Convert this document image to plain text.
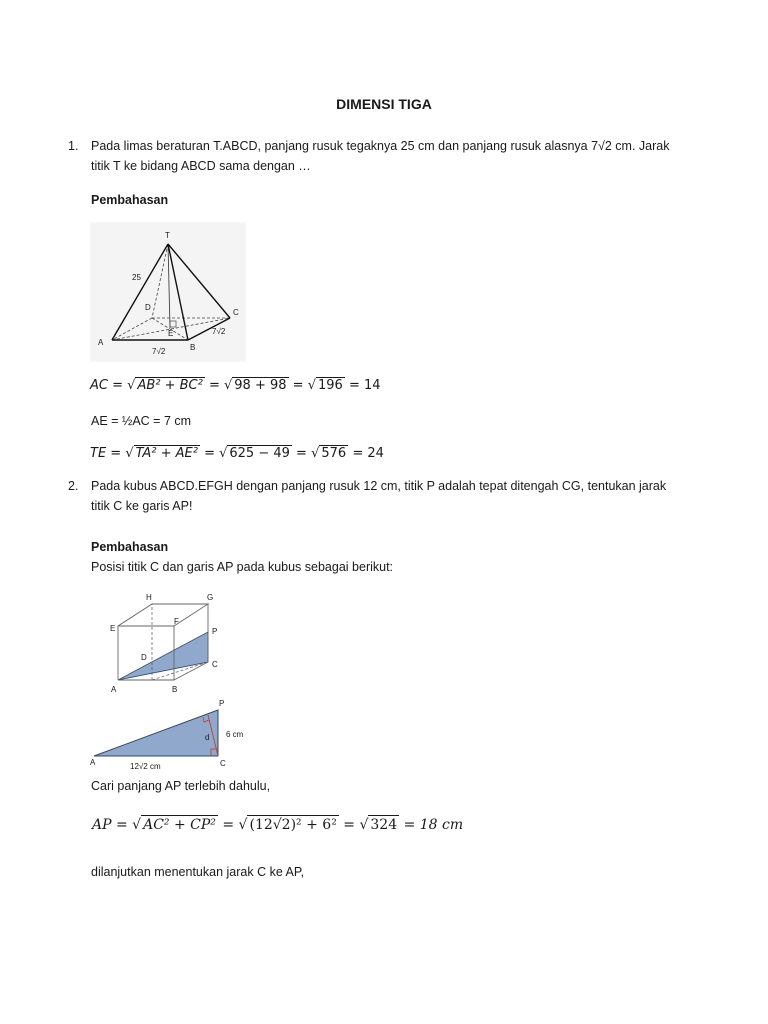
DIMENSI TIGA
1.	Pada limas beraturan T.ABCD, panjang rusuk tegaknya 25 cm dan panjang rusuk alasnya 7√2 cm. Jarak
titik T ke bidang ABCD sama dengan …
Pembahasan
T
25
D
C
7√2
E
A
B
7√2
AC = √ AB² + BC² = √ 98 + 98 = √ 196 = 14
AE = ½AC = 7 cm
TE = √ TA² + AE² = √ 625 − 49 = √ 576 = 24
2.	Pada kubus ABCD.EFGH dengan panjang rusuk 12 cm, titik P adalah tepat ditengah CG, tentukan jarak
titik C ke garis AP!
Pembahasan
Posisi titik C dan garis AP pada kubus sebagai berikut:
H	G
E
F
P
D
C
A	B
P
d 6 cm
A	C
12√2 cm
Cari panjang AP terlebih dahulu,
AP = √ AC² + CP² = √ (12√2)² + 6² = √ 324 = 18 cm
dilanjutkan menentukan jarak C ke AP,
